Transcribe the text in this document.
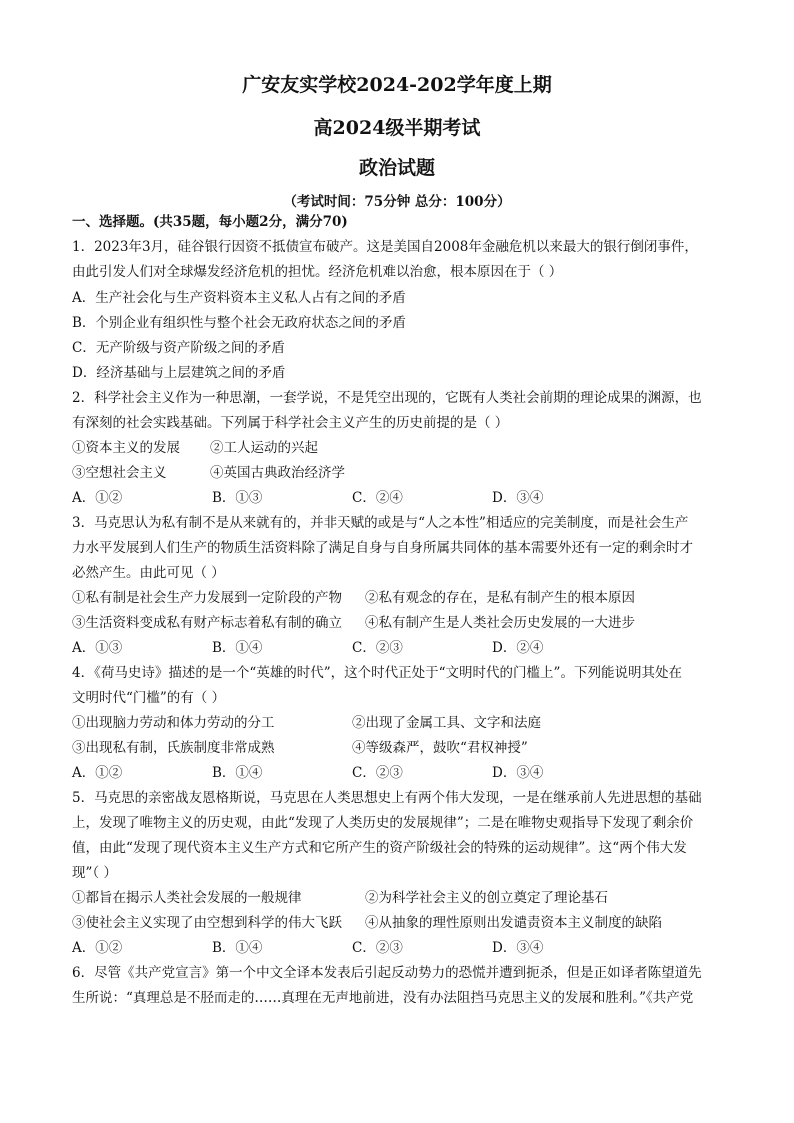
广安友实学校2024-202学年度上期
高2024级半期考试
政治试题
（考试时间：75分钟 总分：100分）
一、选择题。(共35题，每小题2分，满分70)
1．2023年3月，硅谷银行因资不抵债宣布破产。这是美国自2008年金融危机以来最大的银行倒闭事件，
由此引发人们对全球爆发经济危机的担忧。经济危机难以治愈，根本原因在于（ ）
A．生产社会化与生产资料资本主义私人占有之间的矛盾
B．个别企业有组织性与整个社会无政府状态之间的矛盾
C．无产阶级与资产阶级之间的矛盾
D．经济基础与上层建筑之间的矛盾
2．科学社会主义作为一种思潮，一套学说，不是凭空出现的，它既有人类社会前期的理论成果的渊源，也
有深刻的社会实践基础。下列属于科学社会主义产生的历史前提的是（ ）
①资本主义的发展 ②工人运动的兴起
③空想社会主义	④英国古典政治经济学
A．①②	B．①③	C．②④	D．③④
3．马克思认为私有制不是从来就有的，并非天赋的或是与“人之本性”相适应的完美制度，而是社会生产
力水平发展到人们生产的物质生活资料除了满足自身与自身所属共同体的基本需要外还有一定的剩余时才
必然产生。由此可见（ ）
①私有制是社会生产力发展到一定阶段的产物 ②私有观念的存在，是私有制产生的根本原因
③生活资料变成私有财产标志着私有制的确立 ④私有制产生是人类社会历史发展的一大进步
A．①③	B．①④	C．②③	D．②④
4．《荷马史诗》描述的是一个“英雄的时代”，这个时代正处于“文明时代的门槛上”。下列能说明其处在
文明时代“门槛”的有（ ）
①出现脑力劳动和体力劳动的分工	②出现了金属工具、文字和法庭
③出现私有制，氏族制度非常成熟	④等级森严，鼓吹“君权神授”
A．①②	B．①④	C．②③	D．③④
5．马克思的亲密战友恩格斯说，马克思在人类思想史上有两个伟大发现，一是在继承前人先进思想的基础
上，发现了唯物主义的历史观，由此“发现了人类历史的发展规律”；二是在唯物史观指导下发现了剩余价
值，由此“发现了现代资本主义生产方式和它所产生的资产阶级社会的特殊的运动规律”。这“两个伟大发
现”（ ）
①都旨在揭示人类社会发展的一般规律	②为科学社会主义的创立奠定了理论基石
③使社会主义实现了由空想到科学的伟大飞跃 ④从抽象的理性原则出发谴责资本主义制度的缺陷
A．①②	B．①④	C．②③	D．③④
6．尽管《共产党宣言》第一个中文全译本发表后引起反动势力的恐慌并遭到扼杀，但是正如译者陈望道先
生所说：“真理总是不胫而走的……真理在无声地前进，没有办法阻挡马克思主义的发展和胜利。”《共产党
